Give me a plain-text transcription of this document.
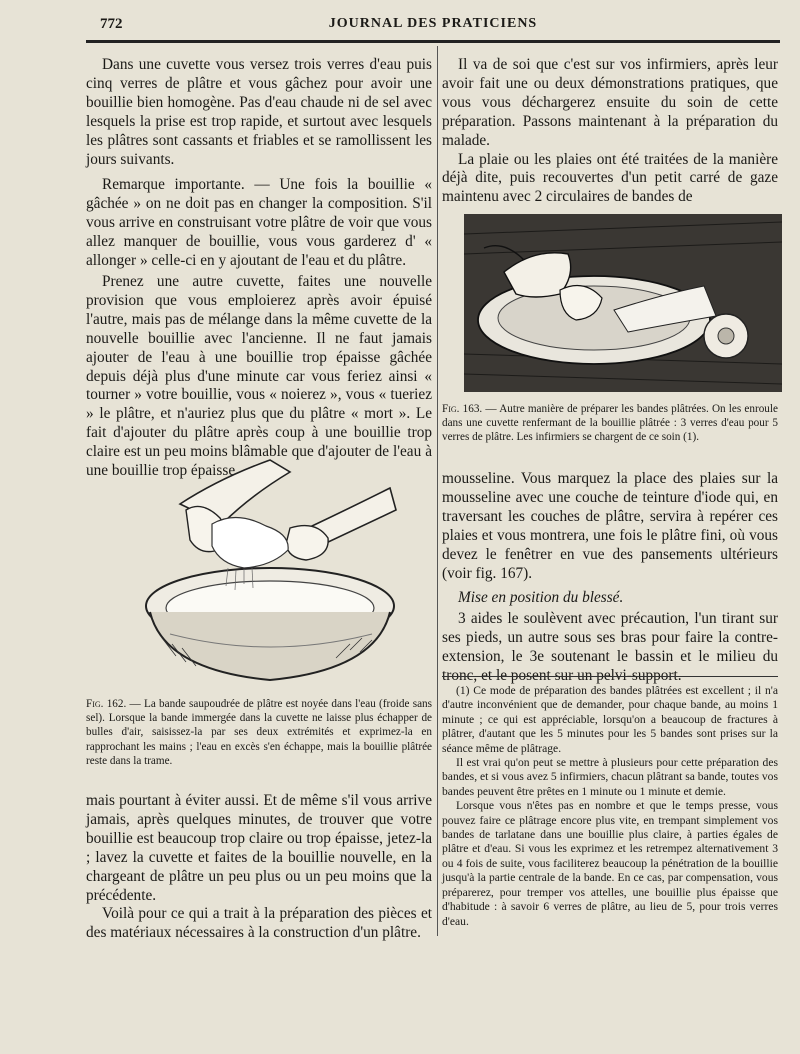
772	JOURNAL DES PRATICIENS

Dans une cuvette vous versez trois verres d'eau puis cinq verres de plâtre et vous gâchez pour avoir une bouillie bien homogène. Pas d'eau chaude ni de sel avec lesquels la prise est trop rapide, et surtout avec lesquels les plâtres sont cassants et friables et se ramollissent les jours suivants.

Remarque importante. — Une fois la bouillie « gâchée » on ne doit pas en changer la composition. S'il vous arrive en construisant votre plâtre de voir que vous allez manquer de bouillie, vous vous garderez d' « allonger » celle-ci en y ajoutant de l'eau et du plâtre.

Prenez une autre cuvette, faites une nouvelle provision que vous emploierez après avoir épuisé l'autre, mais pas de mélange dans la même cuvette de la nouvelle bouillie avec l'ancienne. Il ne faut jamais ajouter de l'eau à une bouillie trop épaisse gâchée depuis déjà plus d'une minute car vous feriez ainsi « tourner » votre bouillie, vous « noierez », vous « tueriez » le plâtre, et n'auriez plus que du plâtre « mort ». Le fait d'ajouter du plâtre après coup à une bouillie trop claire est un peu moins blâmable que d'ajouter de l'eau à une bouillie trop épaisse,

Fig. 162. — La bande saupoudrée de plâtre est noyée dans l'eau (froide sans sel). Lorsque la bande immergée dans la cuvette ne laisse plus échapper de bulles d'air, saisissez-la par ses deux extrémités et exprimez-la en rapprochant les mains ; l'eau en excès s'en échappe, mais la bouillie plâtrée reste dans la trame.

mais pourtant à éviter aussi. Et de même s'il vous arrive jamais, après quelques minutes, de trouver que votre bouillie est beaucoup trop claire ou trop épaisse, jetez-la ; lavez la cuvette et faites de la bouillie nouvelle, en la chargeant de plâtre un peu plus ou un peu moins que la précédente.

Voilà pour ce qui a trait à la préparation des pièces et des matériaux nécessaires à la construction d'un plâtre.

Il va de soi que c'est sur vos infirmiers, après leur avoir fait une ou deux démonstrations pratiques, que vous vous déchargerez ensuite du soin de cette préparation. Passons maintenant à la préparation du malade.

La plaie ou les plaies ont été traitées de la manière déjà dite, puis recouvertes d'un petit carré de gaze maintenu avec 2 circulaires de bandes de

Fig. 163. — Autre manière de préparer les bandes plâtrées. On les enroule dans une cuvette renfermant de la bouillie plâtrée : 3 verres d'eau pour 5 verres de plâtre. Les infirmiers se chargent de ce soin (1).

mousseline. Vous marquez la place des plaies sur la mousseline avec une couche de teinture d'iode qui, en traversant les couches de plâtre, servira à repérer ces plaies et vous montrera, une fois le plâtre fini, où vous devez le fenêtrer en vue des pansements ultérieurs (voir fig. 167).

Mise en position du blessé.

3 aides le soulèvent avec précaution, l'un tirant sur ses pieds, un autre sous ses bras pour faire la contre-extension, le 3e soutenant le bassin et le milieu du tronc, et le posent sur un pelvi-support.

(1) Ce mode de préparation des bandes plâtrées est excellent ; il n'a d'autre inconvénient que de demander, pour chaque bande, au moins 1 minute ; ce qui est appréciable, lorsqu'on a beaucoup de fractures à plâtrer, d'autant que les 5 minutes pour les 5 bandes sont prises sur la séance même de plâtrage.

Il est vrai qu'on peut se mettre à plusieurs pour cette préparation des bandes, et si vous avez 5 infirmiers, chacun plâtrant sa bande, toutes vos bandes peuvent être prêtes en 1 minute ou 1 minute et demie.

Lorsque vous n'êtes pas en nombre et que le temps presse, vous pouvez faire ce plâtrage encore plus vite, en trempant simplement vos bandes de tarlatane dans une bouillie plus claire, à parties égales de plâtre et d'eau. Si vous les exprimez et les retrempez alternativement 3 ou 4 fois de suite, vous faciliterez beaucoup la pénétration de la bouillie jusqu'à la partie centrale de la bande. En ce cas, par compensation, vous préparerez, pour tremper vos attelles, une bouillie plus épaisse que d'habitude : à savoir 6 verres de plâtre, au lieu de 5, pour trois verres d'eau.
